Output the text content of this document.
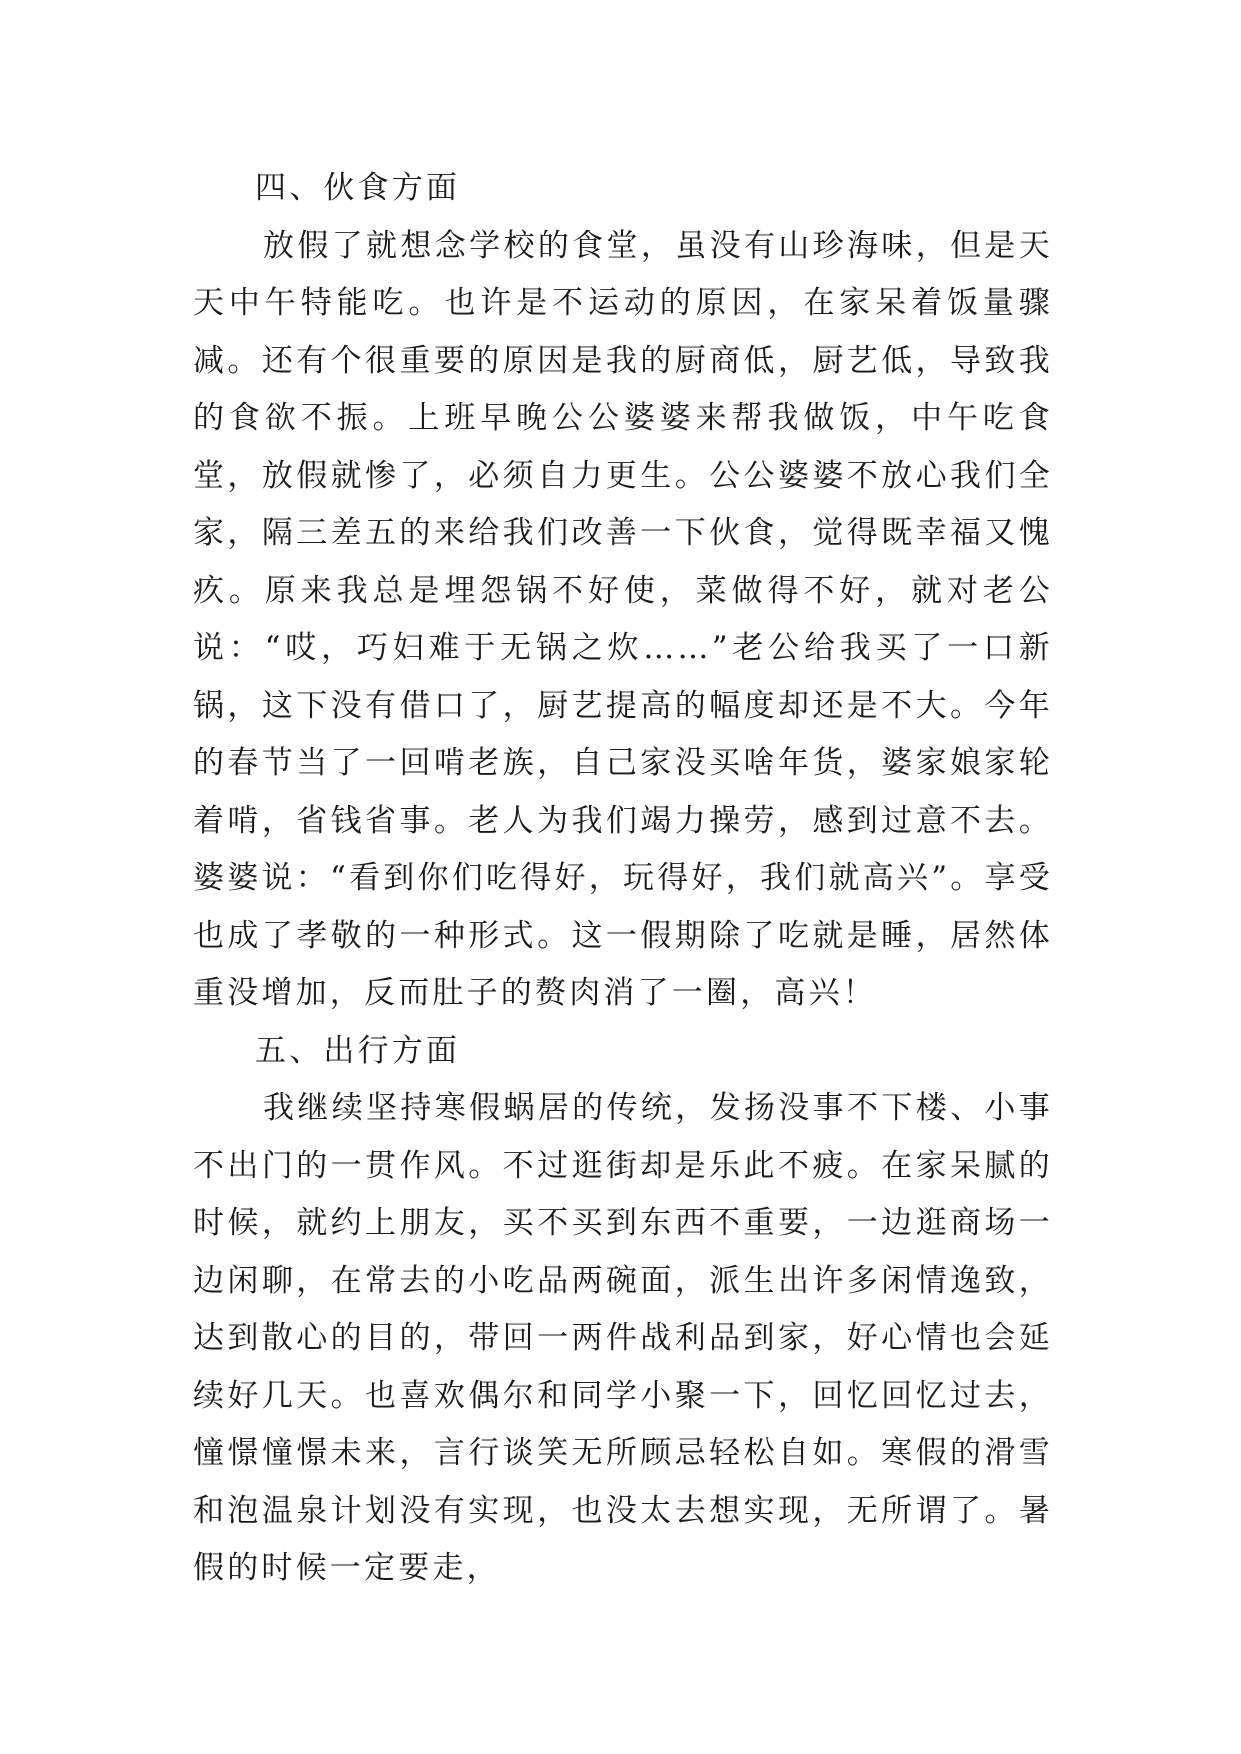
四、伙食方面

放假了就想念学校的食堂，虽没有山珍海味，但是天天中午特能吃。也许是不运动的原因，在家呆着饭量骤减。还有个很重要的原因是我的厨商低，厨艺低，导致我的食欲不振。上班早晚公公婆婆来帮我做饭，中午吃食堂，放假就惨了，必须自力更生。公公婆婆不放心我们全家，隔三差五的来给我们改善一下伙食，觉得既幸福又愧疚。原来我总是埋怨锅不好使，菜做得不好，就对老公说：“哎，巧妇难于无锅之炊……”老公给我买了一口新锅，这下没有借口了，厨艺提高的幅度却还是不大。今年的春节当了一回啃老族，自己家没买啥年货，婆家娘家轮着啃，省钱省事。老人为我们竭力操劳，感到过意不去。婆婆说：“看到你们吃得好，玩得好，我们就高兴”。享受也成了孝敬的一种形式。这一假期除了吃就是睡，居然体重没增加，反而肚子的赘肉消了一圈，高兴！

五、出行方面

我继续坚持寒假蜗居的传统，发扬没事不下楼、小事不出门的一贯作风。不过逛街却是乐此不疲。在家呆腻的时候，就约上朋友，买不买到东西不重要，一边逛商场一边闲聊，在常去的小吃品两碗面，派生出许多闲情逸致，达到散心的目的，带回一两件战利品到家，好心情也会延续好几天。也喜欢偶尔和同学小聚一下，回忆回忆过去，憧憬憧憬未来，言行谈笑无所顾忌轻松自如。寒假的滑雪和泡温泉计划没有实现，也没太去想实现，无所谓了。暑假的时候一定要走，
